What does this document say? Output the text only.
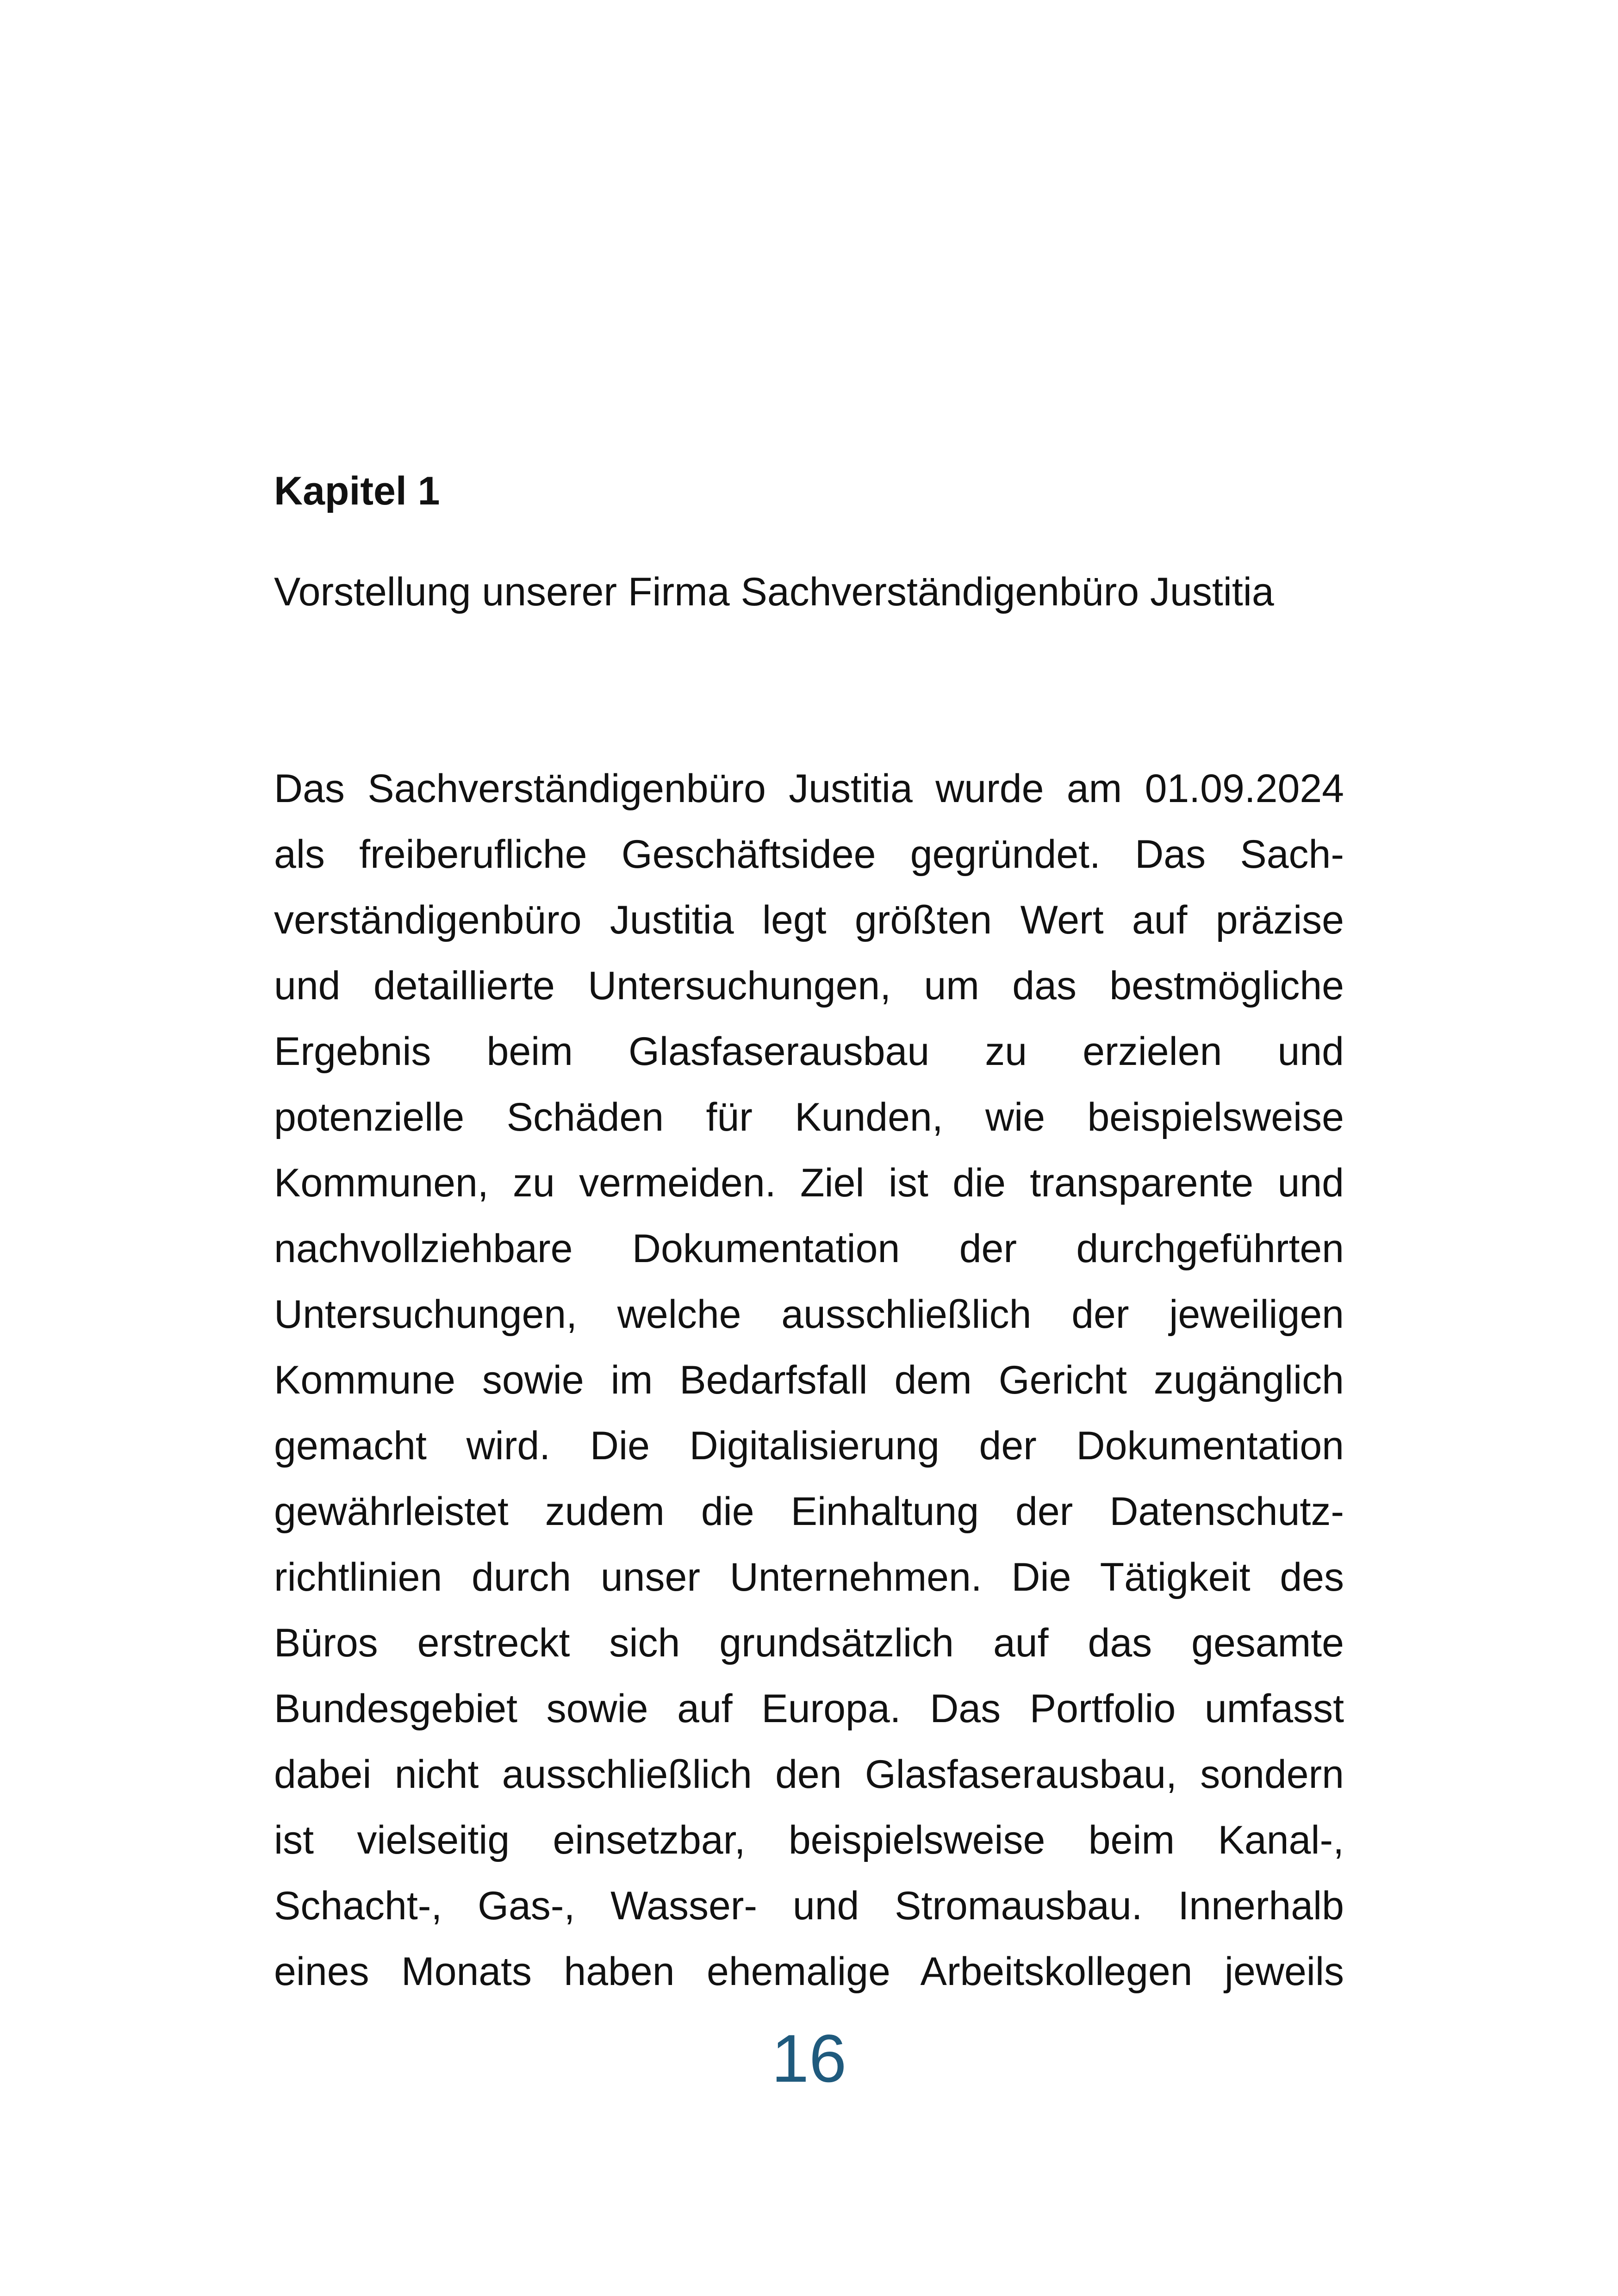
Kapitel 1
Vorstellung unserer Firma Sachverständigenbüro Justitia
Das Sachverständigenbüro Justitia wurde am 01.09.2024
als freiberufliche Geschäftsidee gegründet. Das Sach-
verständigenbüro Justitia legt größten Wert auf präzise
und detaillierte Untersuchungen, um das bestmögliche
Ergebnis beim Glasfaserausbau zu erzielen und
potenzielle Schäden für Kunden, wie beispielsweise
Kommunen, zu vermeiden. Ziel ist die transparente und
nachvollziehbare Dokumentation der durchgeführten
Untersuchungen, welche ausschließlich der jeweiligen
Kommune sowie im Bedarfsfall dem Gericht zugänglich
gemacht wird. Die Digitalisierung der Dokumentation
gewährleistet zudem die Einhaltung der Datenschutz-
richtlinien durch unser Unternehmen. Die Tätigkeit des
Büros erstreckt sich grundsätzlich auf das gesamte
Bundesgebiet sowie auf Europa. Das Portfolio umfasst
dabei nicht ausschließlich den Glasfaserausbau, sondern
ist vielseitig einsetzbar, beispielsweise beim Kanal-,
Schacht-, Gas-, Wasser- und Stromausbau. Innerhalb
eines Monats haben ehemalige Arbeitskollegen jeweils
16
